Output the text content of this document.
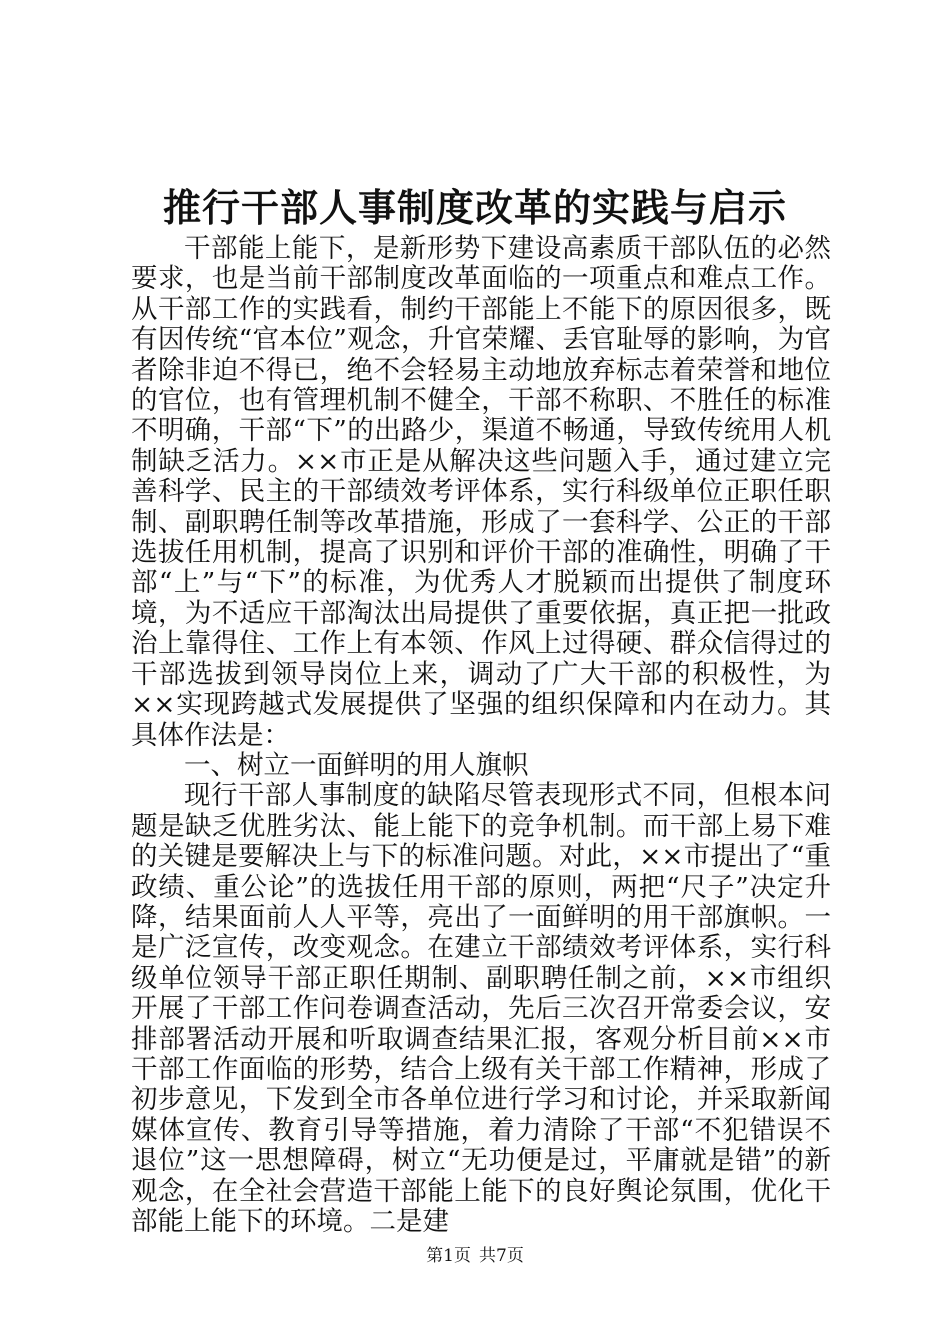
推行干部人事制度改革的实践与启示

干部能上能下，是新形势下建设高素质干部队伍的必然要求，也是当前干部制度改革面临的一项重点和难点工作。从干部工作的实践看，制约干部能上不能下的原因很多，既有因传统“官本位”观念，升官荣耀、丢官耻辱的影响，为官者除非迫不得已，绝不会轻易主动地放弃标志着荣誉和地位的官位，也有管理机制不健全，干部不称职、不胜任的标准不明确，干部“下”的出路少，渠道不畅通，导致传统用人机制缺乏活力。××市正是从解决这些问题入手，通过建立完善科学、民主的干部绩效考评体系，实行科级单位正职任职制、副职聘任制等改革措施，形成了一套科学、公正的干部选拔任用机制，提高了识别和评价干部的准确性，明确了干部“上”与“下”的标准，为优秀人才脱颖而出提供了制度环境，为不适应干部淘汰出局提供了重要依据，真正把一批政治上靠得住、工作上有本领、作风上过得硬、群众信得过的干部选拔到领导岗位上来，调动了广大干部的积极性，为××实现跨越式发展提供了坚强的组织保障和内在动力。其具体作法是：

一、树立一面鲜明的用人旗帜

现行干部人事制度的缺陷尽管表现形式不同，但根本问题是缺乏优胜劣汰、能上能下的竞争机制。而干部上易下难的关键是要解决上与下的标准问题。对此，××市提出了“重政绩、重公论”的选拔任用干部的原则，两把“尺子”决定升降，结果面前人人平等，亮出了一面鲜明的用干部旗帜。一是广泛宣传，改变观念。在建立干部绩效考评体系，实行科级单位领导干部正职任期制、副职聘任制之前，××市组织开展了干部工作问卷调查活动，先后三次召开常委会议，安排部署活动开展和听取调查结果汇报，客观分析目前××市干部工作面临的形势，结合上级有关干部工作精神，形成了初步意见，下发到全市各单位进行学习和讨论，并采取新闻媒体宣传、教育引导等措施，着力清除了干部“不犯错误不退位”这一思想障碍，树立“无功便是过，平庸就是错”的新观念，在全社会营造干部能上能下的良好舆论氛围，优化干部能上能下的环境。二是建

第1页 共7页
